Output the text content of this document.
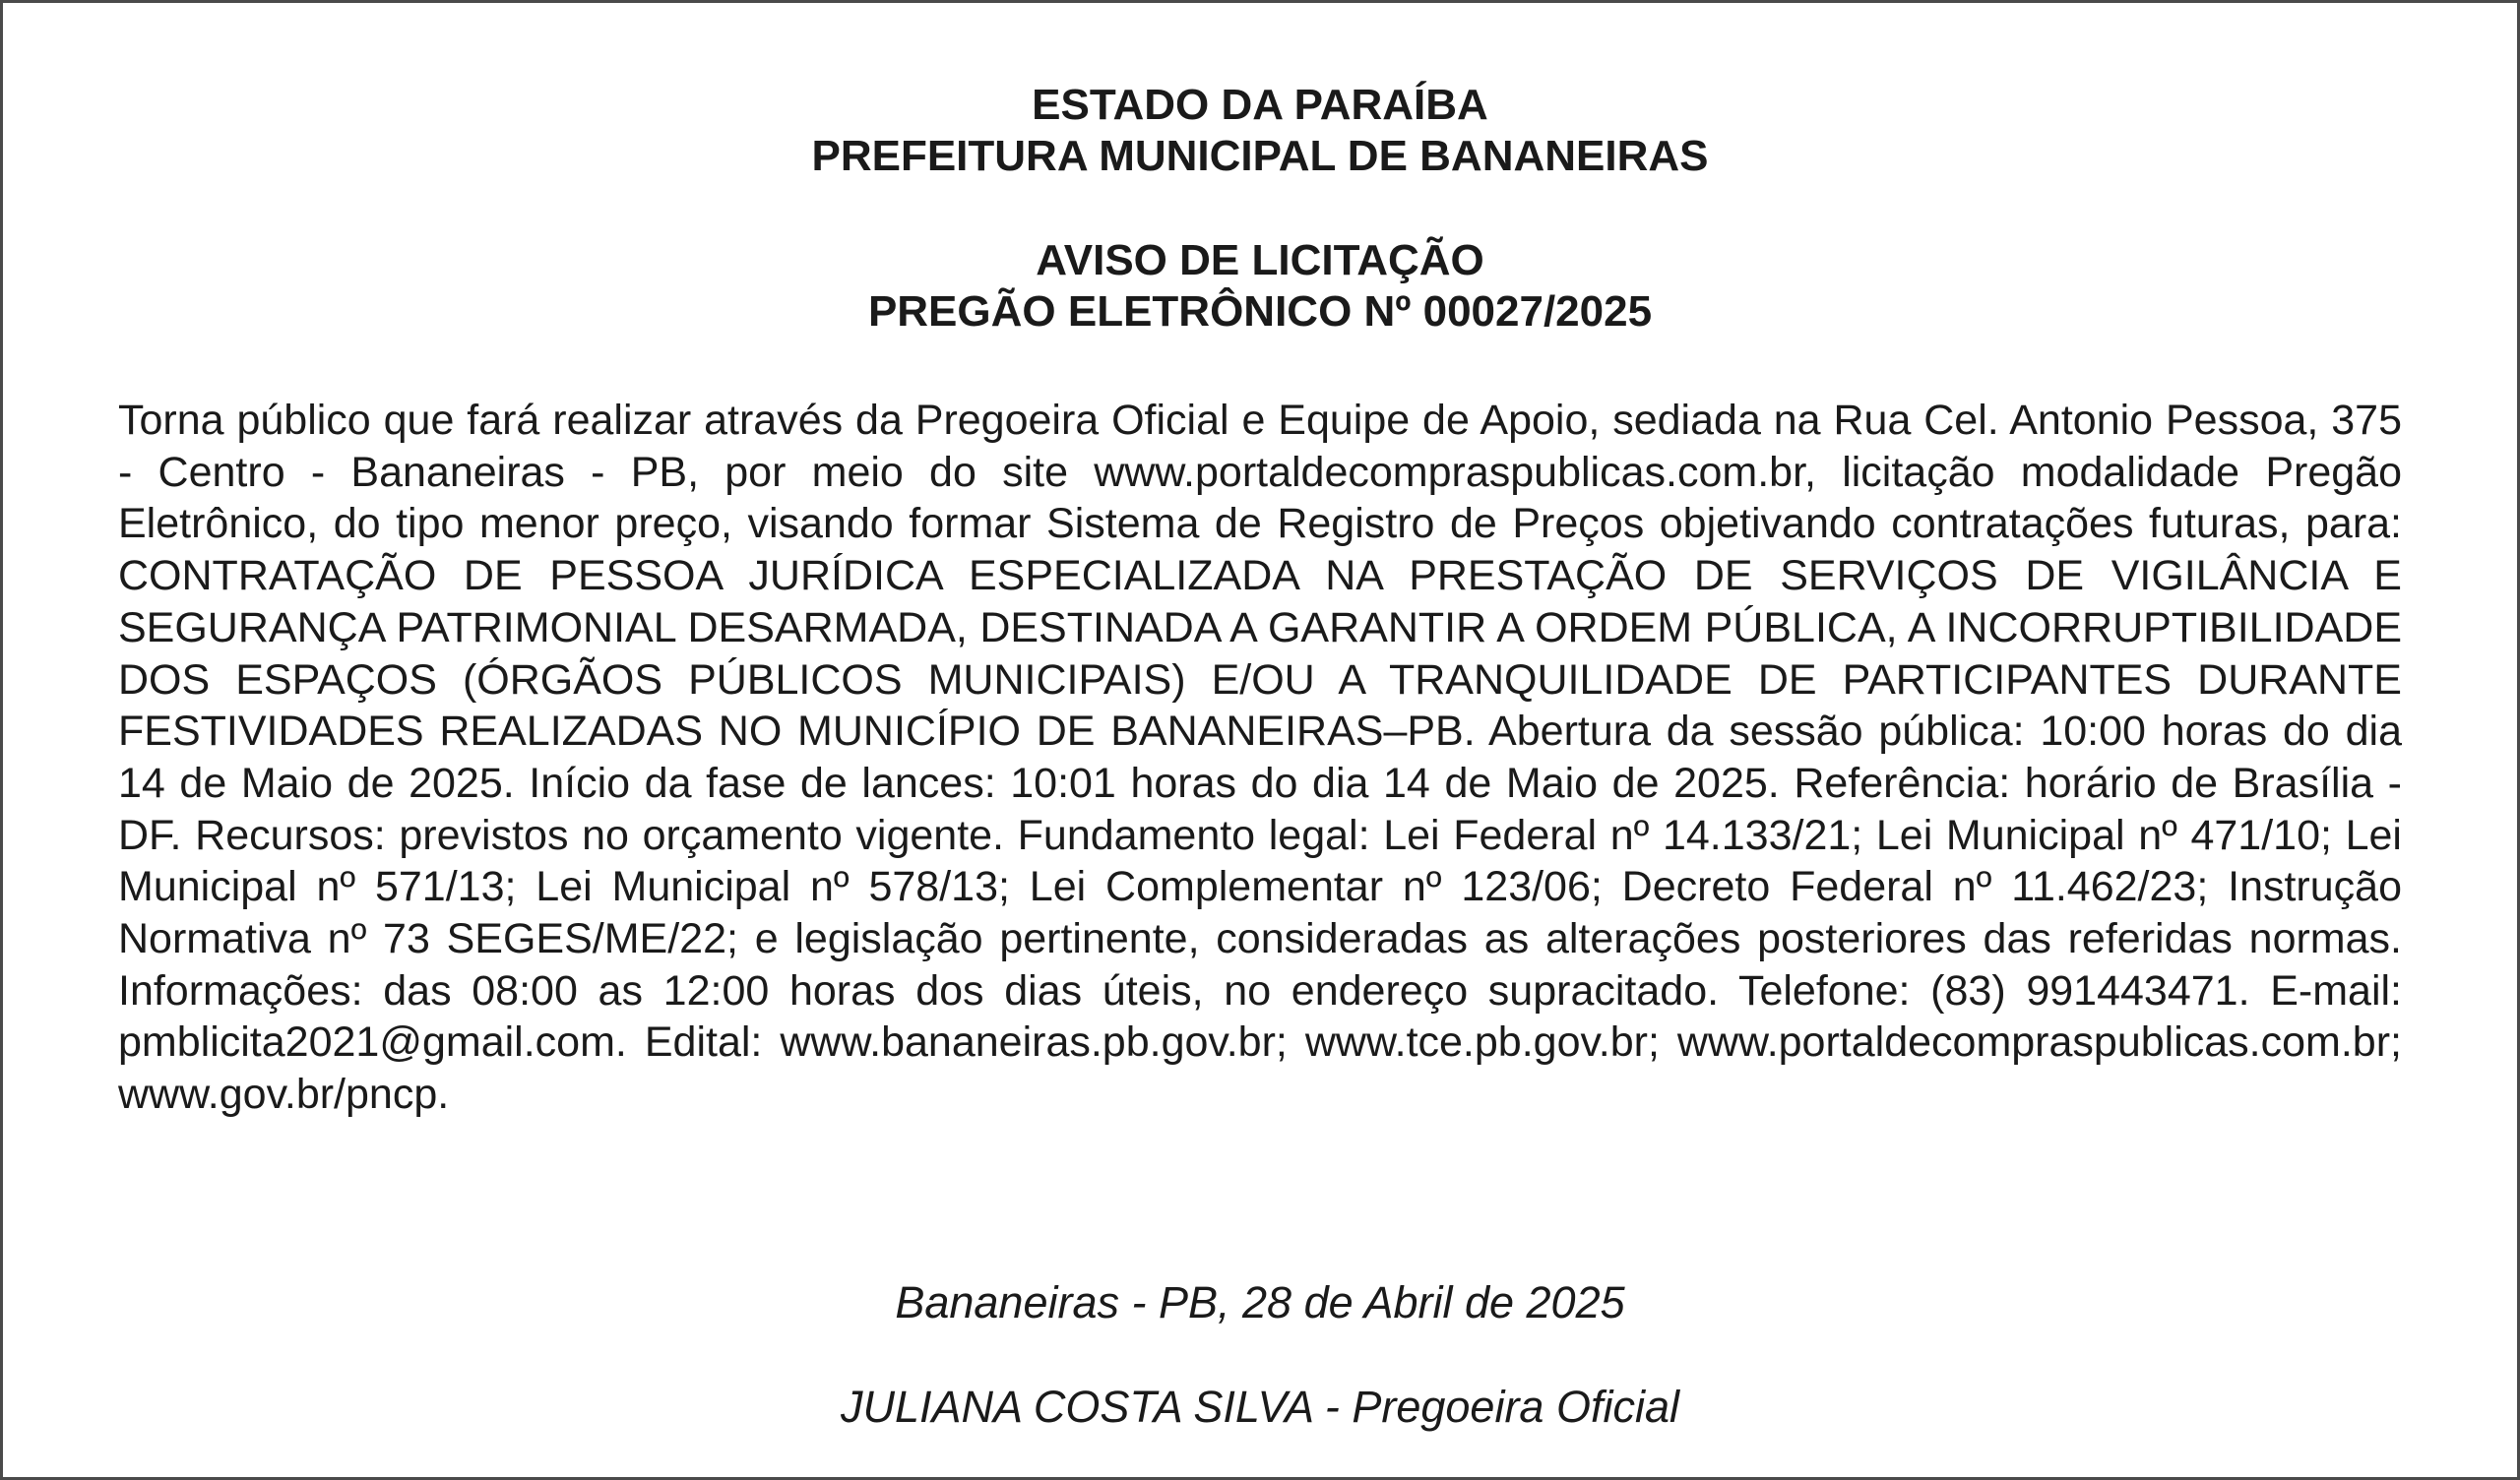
ESTADO DA PARAÍBA
PREFEITURA MUNICIPAL DE BANANEIRAS
AVISO DE LICITAÇÃO
PREGÃO ELETRÔNICO Nº 00027/2025

Torna público que fará realizar através da Pregoeira Oficial e Equipe de Apoio, sediada na Rua Cel. Antonio Pessoa, 375 - Centro - Bananeiras - PB, por meio do site www.portaldecompraspublicas.com.br, licitação modalidade Pregão Eletrônico, do tipo menor preço, visando formar Sistema de Registro de Preços objetivando contratações futuras, para: CONTRATAÇÃO DE PESSOA JURÍDICA ESPECIALIZADA NA PRESTAÇÃO DE SERVIÇOS DE VIGILÂNCIA E SEGURANÇA PATRIMONIAL DESARMADA, DESTINADA A GARANTIR A ORDEM PÚBLICA, A INCORRUPTIBILIDADE DOS ESPAÇOS (ÓRGÃOS PÚBLICOS MUNICIPAIS) E/OU A TRANQUILIDADE DE PARTICIPANTES DURANTE FESTIVIDADES REALIZADAS NO MUNICÍPIO DE BANANEIRAS–PB. Abertura da sessão pública: 10:00 horas do dia 14 de Maio de 2025. Início da fase de lances: 10:01 horas do dia 14 de Maio de 2025. Referência: horário de Brasília - DF. Recursos: previstos no orçamento vigente. Fundamento legal: Lei Federal nº 14.133/21; Lei Municipal nº 471/10; Lei Municipal nº 571/13; Lei Municipal nº 578/13; Lei Complementar nº 123/06; Decreto Federal nº 11.462/23; Instrução Normativa nº 73 SEGES/ME/22; e legislação pertinente, consideradas as alterações posteriores das referidas normas. Informações: das 08:00 as 12:00 horas dos dias úteis, no endereço supracitado. Telefone: (83) 991443471. E-mail: pmblicita2021@gmail.com. Edital: www.bananeiras.pb.gov.br; www.tce.pb.gov.br; www.portaldecompraspublicas.com.br; www.gov.br/pncp.

Bananeiras - PB, 28 de Abril de 2025
JULIANA COSTA SILVA - Pregoeira Oficial
